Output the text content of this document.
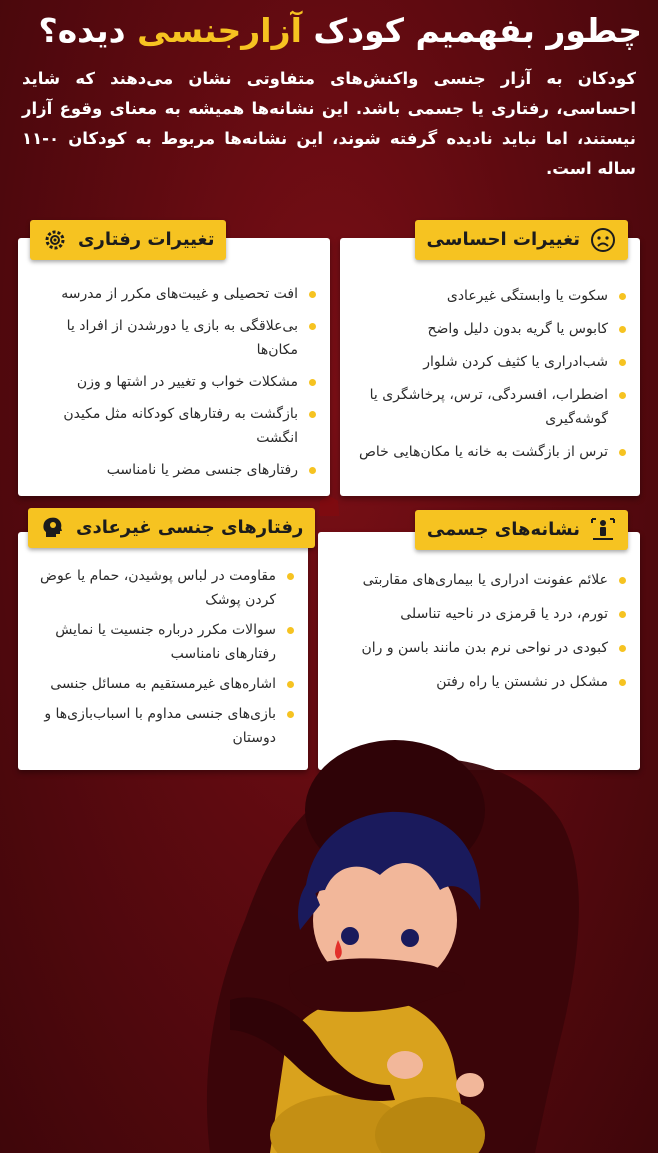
چطور بفهمیم کودک آزارجنسی دیده؟
کودکان به آزار جنسی واکنش‌های متفاوتی نشان می‌دهند که شاید احساسی، رفتاری یا جسمی باشد. این نشانه‌ها همیشه به معنای وقوع آزار نیستند، اما نباید نادیده گرفته شوند، این نشانه‌ها مربوط به کودکان ۰-۱۱ ساله است.
سکوت یا وابستگی غیرعادی
کابوس یا گریه بدون دلیل واضح
شب‌ادراری یا کثیف کردن شلوار
اضطراب، افسردگی، ترس، پرخاشگری یا گوشه‌گیری
ترس از بازگشت به خانه یا مکان‌هایی خاص
تغییرات احساسی
افت تحصیلی و غیبت‌های مکرر از مدرسه
بی‌علاقگی به بازی یا دورشدن از افراد یا مکان‌ها
مشکلات خواب و تغییر در اشتها و وزن
بازگشت به رفتارهای کودکانه مثل مکیدن انگشت
رفتارهای جنسی مضر یا نامناسب
تغییرات رفتاری
علائم عفونت ادراری یا بیماری‌های مقاربتی
تورم، درد یا قرمزی در ناحیه تناسلی
کبودی در نواحی نرم بدن مانند باسن و ران
مشکل در نشستن یا راه رفتن
نشانه‌های جسمی
مقاومت در لباس پوشیدن، حمام یا عوض کردن پوشک
سوالات مکرر درباره جنسیت یا نمایش رفتارهای نامناسب
اشاره‌های غیرمستقیم به مسائل جنسی
بازی‌های جنسی مداوم با اسباب‌بازی‌ها و دوستان
رفتارهای جنسی غیرعادی
☗
